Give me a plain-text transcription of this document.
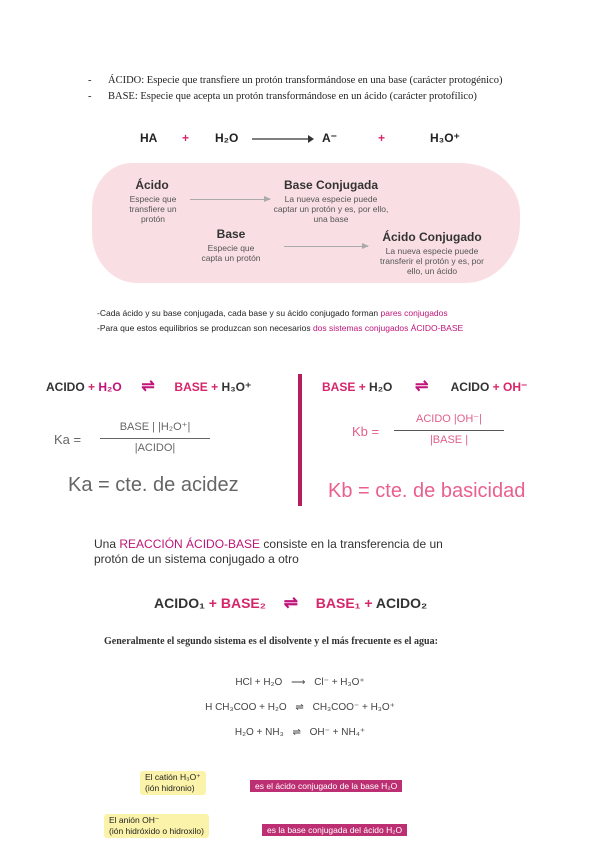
- ÁCIDO: Especie que transfiere un protón transformándose en una base (carácter protogénico)
- BASE: Especie que acepta un protón transformándose en un ácido (carácter protofílico)
HA + H₂O	A⁻	+	H₃O⁺
Ácido
Especie que transfiere un protón
Base Conjugada
La nueva especie puede captar un protón y es, por ello, una base
Base
Especie que capta un protón
Ácido Conjugado
La nueva especie puede transferir el protón y es, por ello, un ácido
-Cada ácido y su base conjugada, cada base y su ácido conjugado forman pares conjugados
-Para que estos equilibrios se produzcan son necesarios dos sistemas conjugados ÁCIDO-BASE
ACIDO + H₂O ⇌ BASE + H₃O⁺
Ka =
BASE | |H₂O⁺|
|ACIDO|
Ka = cte. de acidez
BASE + H₂O ⇌ ACIDO + OH⁻
Kb =
ACIDO |OH⁻|
|BASE |
Kb = cte. de basicidad
Una REACCIÓN ÁCIDO-BASE consiste en la transferencia de un
protón de un sistema conjugado a otro
ACIDO₁ + BASE₂ ⇌ BASE₁ + ACIDO₂
Generalmente el segundo sistema es el disolvente y el más frecuente es el agua:
HCl + H₂O ⟶ Cl⁻ + H₃O⁺
H CH₃COO + H₂O ⇌ CH₃COO⁻ + H₃O⁺
H₂O + NH₃ ⇌ OH⁻ + NH₄⁺
El catión H₃O⁺
(ión hidronio)	es el ácido conjugado de la base H₂O
El anión OH⁻
(ión hidróxido o hidroxilo)	es la base conjugada del ácido H₂O
